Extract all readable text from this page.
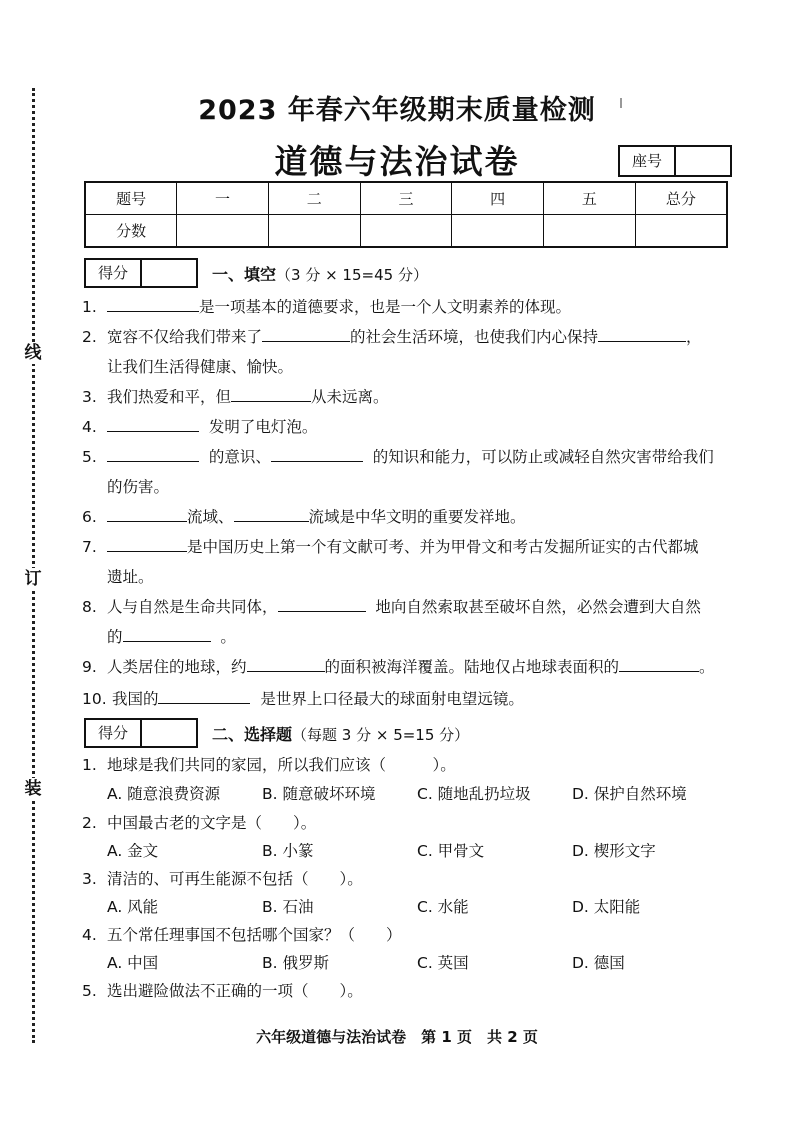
线
订
装
2023 年春六年级期末质量检测
道德与法治试卷	座号
题号	一	二	三	四	五	总分
分数						
得分	一、填空（3 分 × 15=45 分）
1.	是一项基本的道德要求，也是一个人文明素养的体现。
2. 宽容不仅给我们带来了	的社会生活环境，也使我们内心保持	，
让我们生活得健康、愉快。
3. 我们热爱和平，但	从未远离。
4.	发明了电灯泡。
5.	的意识、	的知识和能力，可以防止或减轻自然灾害带给我们
的伤害。
6.	流域、	流域是中华文明的重要发祥地。
7.	是中国历史上第一个有文献可考、并为甲骨文和考古发掘所证实的古代都城
遗址。
8. 人与自然是生命共同体，	地向自然索取甚至破坏自然，必然会遭到大自然
的	。
9. 人类居住的地球，约	的面积被海洋覆盖。陆地仅占地球表面积的	。
10. 我国的	是世界上口径最大的球面射电望远镜。
得分	二、选择题（每题 3 分 × 5=15 分）
1. 地球是我们共同的家园，所以我们应该（　　　）。
A. 随意浪费资源	B. 随意破坏环境	C. 随地乱扔垃圾	D. 保护自然环境
2. 中国最古老的文字是（　　）。
A. 金文	B. 小篆	C. 甲骨文	D. 楔形文字
3. 清洁的、可再生能源不包括（　　）。
A. 风能	B. 石油	C. 水能	D. 太阳能
4. 五个常任理事国不包括哪个国家？（　　）
A. 中国	B. 俄罗斯	C. 英国	D. 德国
5. 选出避险做法不正确的一项（　　）。
六年级道德与法治试卷　第 1 页　共 2 页
